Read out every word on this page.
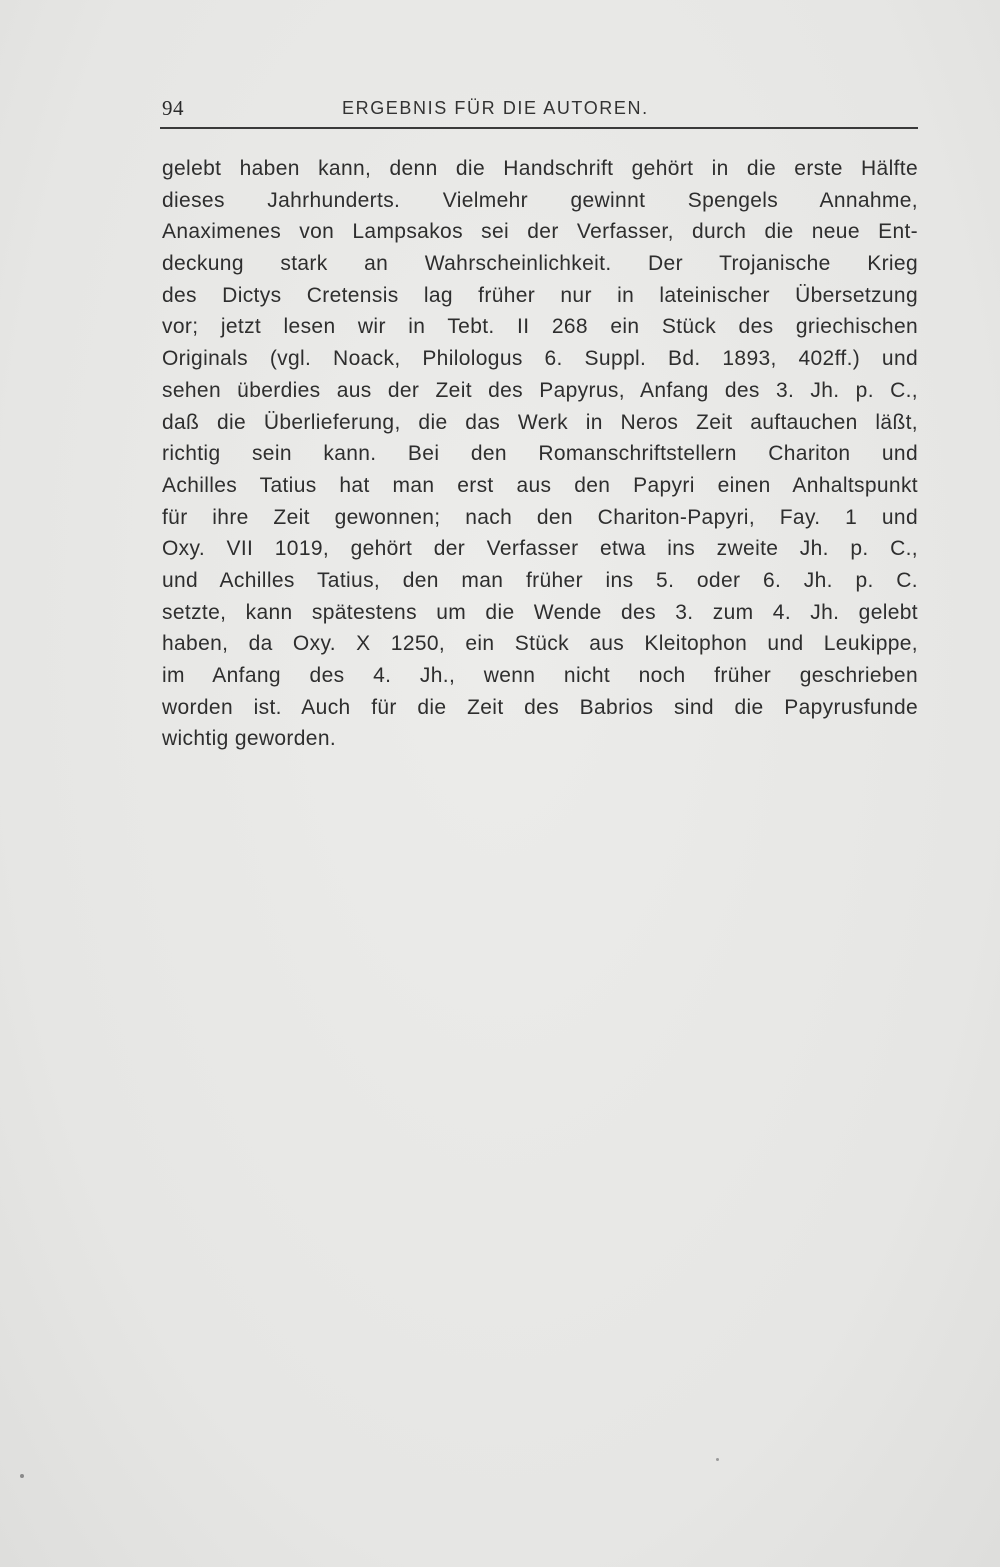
94	ERGEBNIS FÜR DIE AUTOREN.
gelebt haben kann, denn die Handschrift gehört in die erste Hälfte
dieses Jahrhunderts. Vielmehr gewinnt Spengels Annahme,
Anaximenes von Lampsakos sei der Verfasser, durch die neue Ent-
deckung stark an Wahrscheinlichkeit. Der Trojanische Krieg
des Dictys Cretensis lag früher nur in lateinischer Übersetzung
vor; jetzt lesen wir in Tebt. II 268 ein Stück des griechischen
Originals (vgl. Noack, Philologus 6. Suppl. Bd. 1893, 402ff.) und
sehen überdies aus der Zeit des Papyrus, Anfang des 3. Jh. p. C.,
daß die Überlieferung, die das Werk in Neros Zeit auftauchen läßt,
richtig sein kann. Bei den Romanschriftstellern Chariton und
Achilles Tatius hat man erst aus den Papyri einen Anhaltspunkt
für ihre Zeit gewonnen; nach den Chariton-Papyri, Fay. 1 und
Oxy. VII 1019, gehört der Verfasser etwa ins zweite Jh. p. C.,
und Achilles Tatius, den man früher ins 5. oder 6. Jh. p. C.
setzte, kann spätestens um die Wende des 3. zum 4. Jh. gelebt
haben, da Oxy. X 1250, ein Stück aus Kleitophon und Leukippe,
im Anfang des 4. Jh., wenn nicht noch früher geschrieben
worden ist. Auch für die Zeit des Babrios sind die Papyrusfunde
wichtig geworden.
